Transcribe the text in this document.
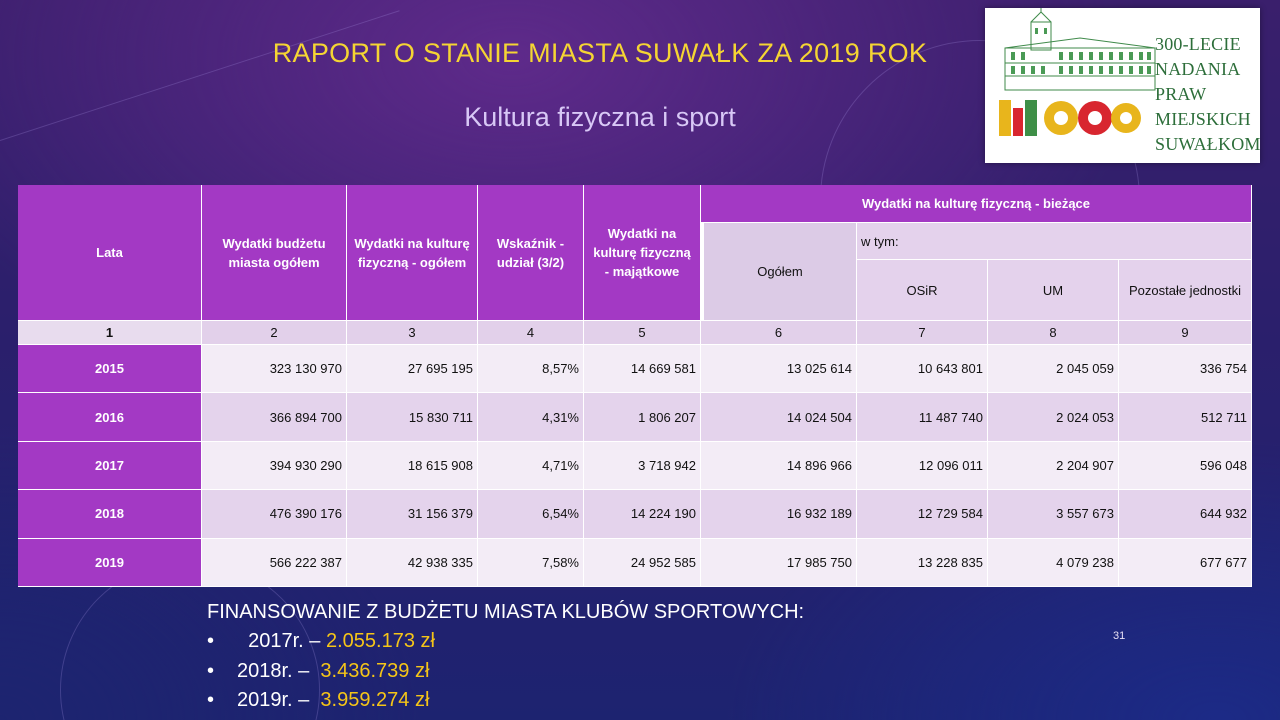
RAPORT O STANIE MIASTA SUWAŁK ZA 2019 ROK
Kultura fizyczna i sport
300-LECIE
NADANIA
PRAW
MIEJSKICH
SUWAŁKOM
Lata
Wydatki budżetu miasta ogółem
Wydatki na kulturę fizyczną - ogółem
Wskaźnik - udział (3/2)
Wydatki na kulturę fizyczną - majątkowe
Wydatki na kulturę fizyczną - bieżące
Ogółem
w tym:
OSiR	UM	Pozostałe jednostki
1	2	3	4	5	6	7	8	9
2015	323 130 970	27 695 195	8,57%	14 669 581	13 025 614	10 643 801	2 045 059	336 754
2016	366 894 700	15 830 711	4,31%	1 806 207	14 024 504	11 487 740	2 024 053	512 711
2017	394 930 290	18 615 908	4,71%	3 718 942	14 896 966	12 096 011	2 204 907	596 048
2018	476 390 176	31 156 379	6,54%	14 224 190	16 932 189	12 729 584	3 557 673	644 932
2019	566 222 387	42 938 335	7,58%	24 952 585	17 985 750	13 228 835	4 079 238	677 677
FINANSOWANIE Z BUDŻETU MIASTA KLUBÓW SPORTOWYCH:
•  2017r. – 2.055.173 zł
• 2018r. –  3.436.739 zł
• 2019r. –  3.959.274 zł
31
